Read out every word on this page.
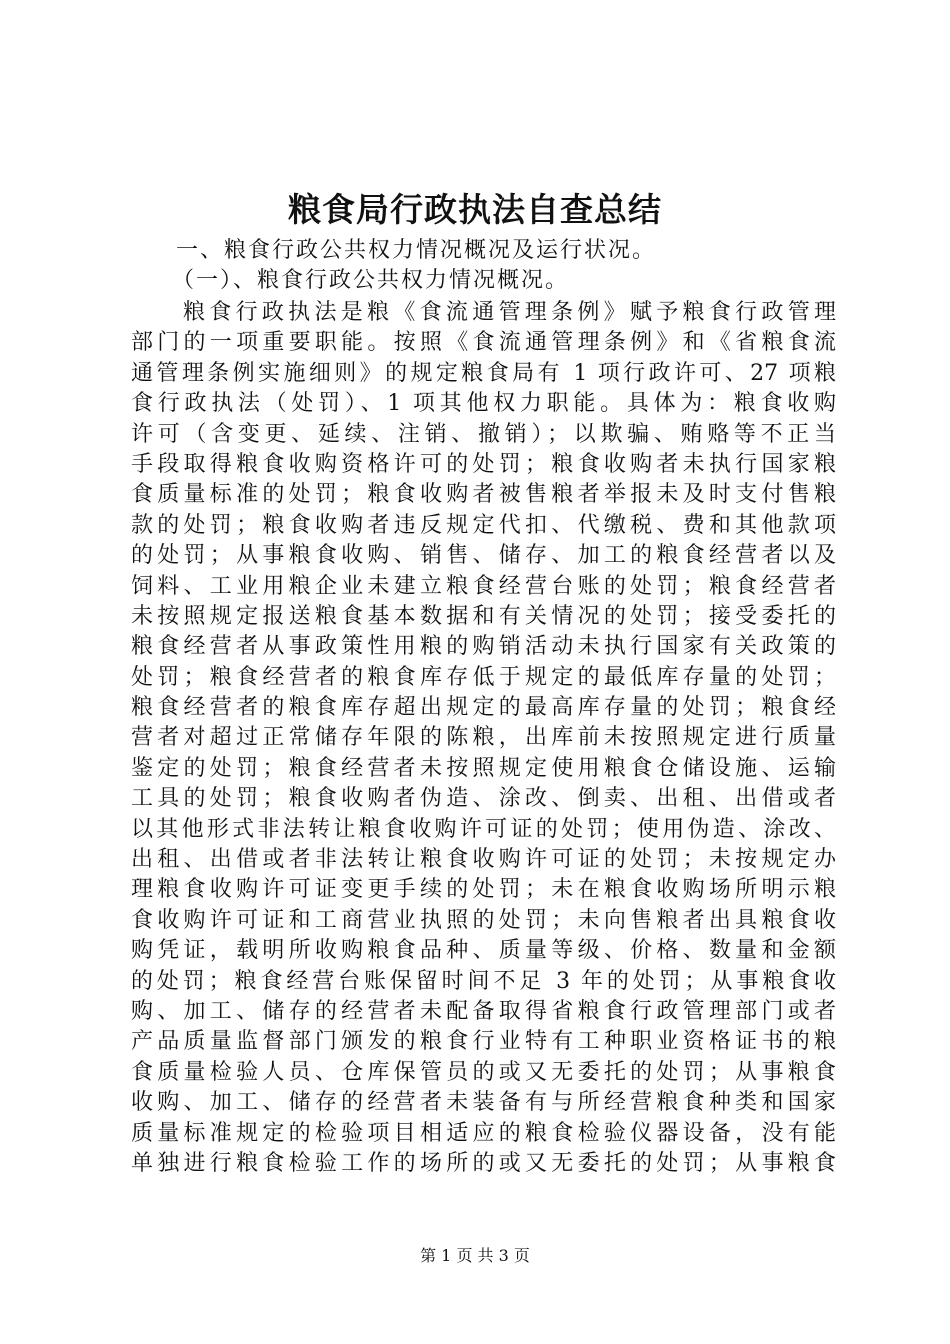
粮食局行政执法自查总结
一、粮食行政公共权力情况概况及运行状况。
（一）、粮食行政公共权力情况概况。
粮食行政执法是粮《食流通管理条例》赋予粮食行政管理
部门的一项重要职能。按照《食流通管理条例》和《省粮食流
通管理条例实施细则》的规定粮食局有 1 项行政许可、27 项粮
食行政执法（处罚）、1 项其他权力职能。具体为：粮食收购
许可（含变更、延续、注销、撤销）；以欺骗、贿赂等不正当
手段取得粮食收购资格许可的处罚；粮食收购者未执行国家粮
食质量标准的处罚；粮食收购者被售粮者举报未及时支付售粮
款的处罚；粮食收购者违反规定代扣、代缴税、费和其他款项
的处罚；从事粮食收购、销售、储存、加工的粮食经营者以及
饲料、工业用粮企业未建立粮食经营台账的处罚；粮食经营者
未按照规定报送粮食基本数据和有关情况的处罚；接受委托的
粮食经营者从事政策性用粮的购销活动未执行国家有关政策的
处罚；粮食经营者的粮食库存低于规定的最低库存量的处罚；
粮食经营者的粮食库存超出规定的最高库存量的处罚；粮食经
营者对超过正常储存年限的陈粮，出库前未按照规定进行质量
鉴定的处罚；粮食经营者未按照规定使用粮食仓储设施、运输
工具的处罚；粮食收购者伪造、涂改、倒卖、出租、出借或者
以其他形式非法转让粮食收购许可证的处罚；使用伪造、涂改、
出租、出借或者非法转让粮食收购许可证的处罚；未按规定办
理粮食收购许可证变更手续的处罚；未在粮食收购场所明示粮
食收购许可证和工商营业执照的处罚；未向售粮者出具粮食收
购凭证，载明所收购粮食品种、质量等级、价格、数量和金额
的处罚；粮食经营台账保留时间不足 3 年的处罚；从事粮食收
购、加工、储存的经营者未配备取得省粮食行政管理部门或者
产品质量监督部门颁发的粮食行业特有工种职业资格证书的粮
食质量检验人员、仓库保管员的或又无委托的处罚；从事粮食
收购、加工、储存的经营者未装备有与所经营粮食种类和国家
质量标准规定的检验项目相适应的粮食检验仪器设备，没有能
单独进行粮食检验工作的场所的或又无委托的处罚；从事粮食
第 1 页 共 3 页
